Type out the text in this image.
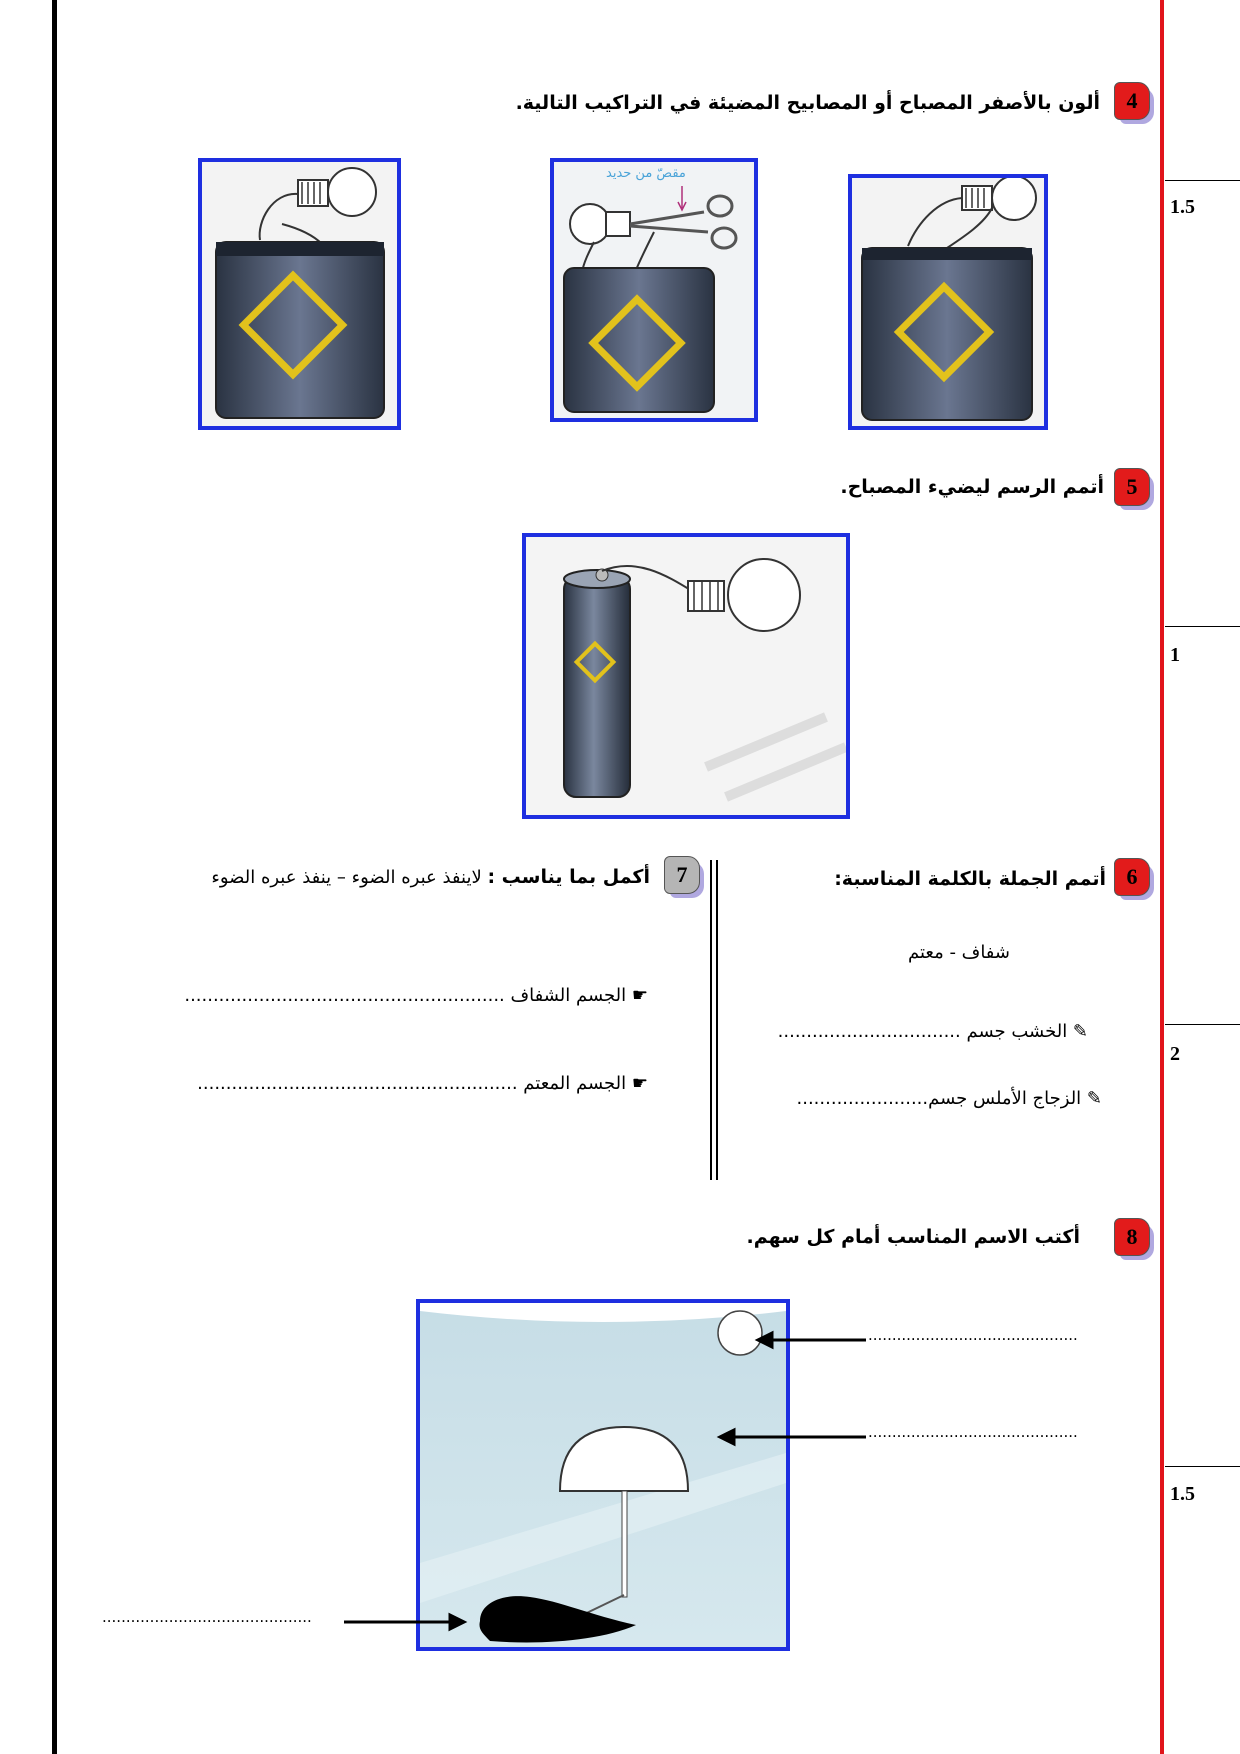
1.5
1
2
1.5
4
ألون بالأصفر المصباح أو المصابيح المضيئة في التراكيب التالية.
مقصّ من حديد
5
أتمم الرسم ليضيء المصباح.
6
أتمم الجملة بالكلمة المناسبة:
شفاف - معتم
✎ الخشب جسم ................................
✎ الزجاج الأملس جسم.......................
7
أكمل بما يناسب : لاينفذ عبره الضوء – ينفذ عبره الضوء
☛ الجسم الشفاف ........................................................
☛ الجسم المعتم ........................................................
8
أكتب الاسم المناسب أمام كل سهم.
............................................
............................................
............................................
